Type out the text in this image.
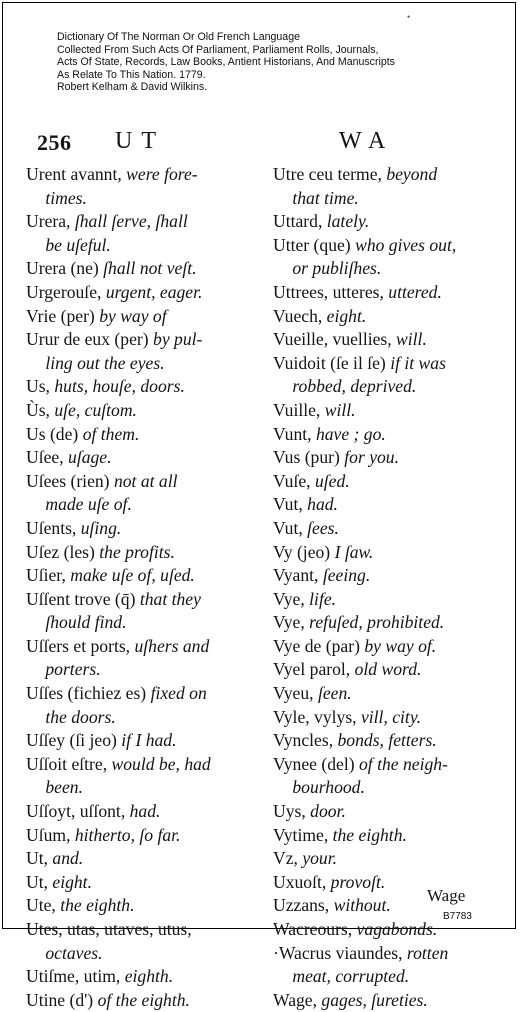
•
Dictionary Of The Norman Or Old French Language
Collected From Such Acts Of Parliament, Parliament Rolls, Journals,
Acts Of State, Records, Law Books, Antient Historians, And Manuscripts
As Relate To This Nation. 1779.
Robert Kelham & David Wilkins.
256 UT	WA
Urent avannt, were fore-
times.
Urera, ſhall ſerve, ſhall
be uſeful.
Urera (ne) ſhall not veſt.
Urgerouſe, urgent, eager.
Vrie (per) by way of
Urur de eux (per) by pul-
ling out the eyes.
Us, huts, houſe, doors.
Ùs, uſe, cuſtom.
Us (de) of them.
Uſee, uſage.
Uſees (rien) not at all
made uſe of.
Uſents, uſing.
Uſez (les) the profits.
Uſier, make uſe of, uſed.
Uſſent trove (q̄) that they
ſhould find.
Uſſers et ports, uſhers and
porters.
Uſſes (fichiez es) fixed on
the doors.
Uſſey (ſi jeo) if I had.
Uſſoit eſtre, would be, had
been.
Uſſoyt, uſſont, had.
Uſum, hitherto, ſo far.
Ut, and.
Ut, eight.
Ute, the eighth.
Utes, utas, utaves, utus,
octaves.
Utiſme, utim, eighth.
Utine (d') of the eighth.
Utre ceu terme, beyond
that time.
Uttard, lately.
Utter (que) who gives out,
or publiſhes.
Uttrees, utteres, uttered.
Vuech, eight.
Vueille, vuellies, will.
Vuidoit (ſe il ſe) if it was
robbed, deprived.
Vuille, will.
Vunt, have ; go.
Vus (pur) for you.
Vuſe, uſed.
Vut, had.
Vut, ſees.
Vy (jeo) I ſaw.
Vyant, ſeeing.
Vye, life.
Vye, refuſed, prohibited.
Vye de (par) by way of.
Vyel parol, old word.
Vyeu, ſeen.
Vyle, vylys, vill, city.
Vyncles, bonds, fetters.
Vynee (del) of the neigh-
bourhood.
Uys, door.
Vytime, the eighth.
Vz, your.
Uxuoſt, provoſt.
Uzzans, without.
Wacreours, vagabonds.
·Wacrus viaundes, rotten
meat, corrupted.
Wage, gages, ſureties.
Wage
B7783
